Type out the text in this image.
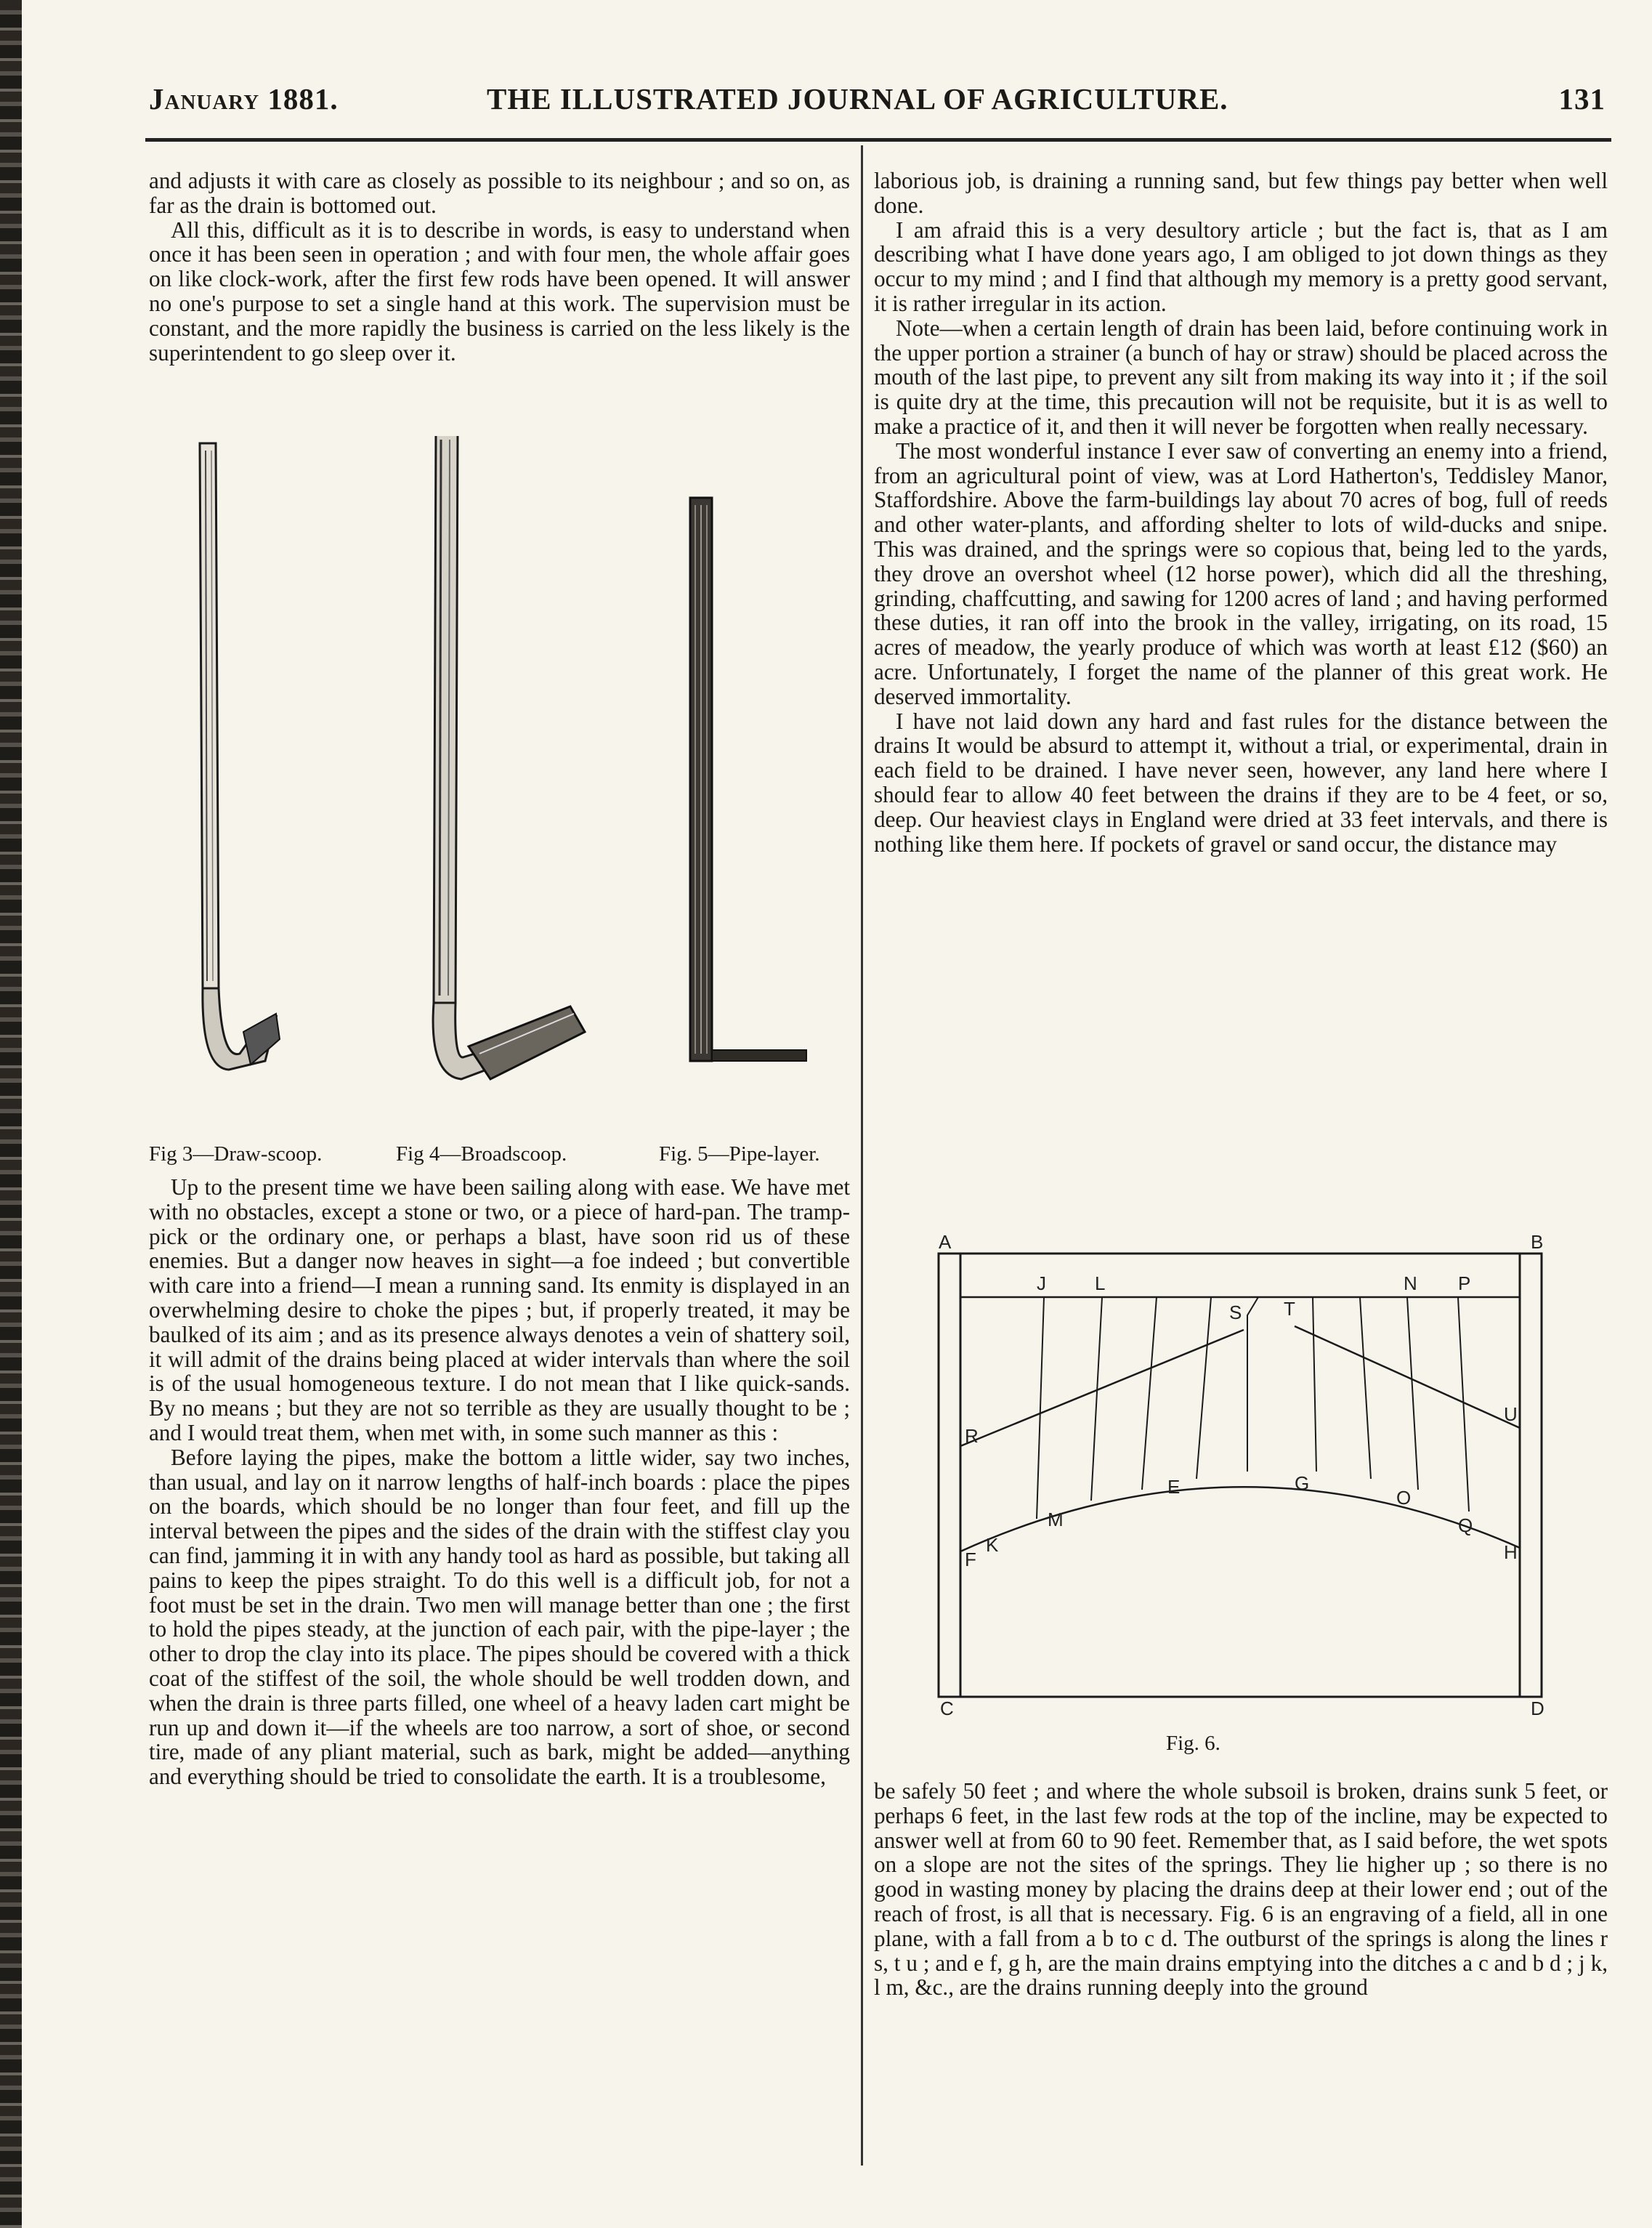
January 1881.	THE ILLUSTRATED JOURNAL OF AGRICULTURE.	131

and adjusts it with care as closely as possible to its neighbour ; and so on, as far as the drain is bottomed out.

All this, difficult as it is to describe in words, is easy to understand when once it has been seen in operation ; and with four men, the whole affair goes on like clock-work, after the first few rods have been opened. It will answer no one's purpose to set a single hand at this work. The supervision must be constant, and the more rapidly the business is carried on the less likely is the superintendent to go sleep over it.

Fig 3—Draw-scoop.	Fig 4—Broadscoop.	Fig. 5—Pipe-layer.

Up to the present time we have been sailing along with ease. We have met with no obstacles, except a stone or two, or a piece of hard-pan. The tramp-pick or the ordinary one, or perhaps a blast, have soon rid us of these enemies. But a danger now heaves in sight—a foe indeed ; but convertible with care into a friend—I mean a running sand. Its enmity is displayed in an overwhelming desire to choke the pipes ; but, if properly treated, it may be baulked of its aim ; and as its presence always denotes a vein of shattery soil, it will admit of the drains being placed at wider intervals than where the soil is of the usual homogeneous texture. I do not mean that I like quick-sands. By no means ; but they are not so terrible as they are usually thought to be ; and I would treat them, when met with, in some such manner as this :

Before laying the pipes, make the bottom a little wider, say two inches, than usual, and lay on it narrow lengths of half-inch boards : place the pipes on the boards, which should be no longer than four feet, and fill up the interval between the pipes and the sides of the drain with the stiffest clay you can find, jamming it in with any handy tool as hard as possible, but taking all pains to keep the pipes straight. To do this well is a difficult job, for not a foot must be set in the drain. Two men will manage better than one ; the first to hold the pipes steady, at the junction of each pair, with the pipe-layer ; the other to drop the clay into its place. The pipes should be covered with a thick coat of the stiffest of the soil, the whole should be well trodden down, and when the drain is three parts filled, one wheel of a heavy laden cart might be run up and down it—if the wheels are too narrow, a sort of shoe, or second tire, made of any pliant material, such as bark, might be added—anything and everything should be tried to consolidate the earth. It is a troublesome,

laborious job, is draining a running sand, but few things pay better when well done.

I am afraid this is a very desultory article ; but the fact is, that as I am describing what I have done years ago, I am obliged to jot down things as they occur to my mind ; and I find that although my memory is a pretty good servant, it is rather irregular in its action.

Note—when a certain length of drain has been laid, before continuing work in the upper portion a strainer (a bunch of hay or straw) should be placed across the mouth of the last pipe, to prevent any silt from making its way into it ; if the soil is quite dry at the time, this precaution will not be requisite, but it is as well to make a practice of it, and then it will never be forgotten when really necessary.

The most wonderful instance I ever saw of converting an enemy into a friend, from an agricultural point of view, was at Lord Hatherton's, Teddisley Manor, Staffordshire. Above the farm-buildings lay about 70 acres of bog, full of reeds and other water-plants, and affording shelter to lots of wild-ducks and snipe. This was drained, and the springs were so copious that, being led to the yards, they drove an overshot wheel (12 horse power), which did all the threshing, grinding, chaffcutting, and sawing for 1200 acres of land ; and having performed these duties, it ran off into the brook in the valley, irrigating, on its road, 15 acres of meadow, the yearly produce of which was worth at least £12 ($60) an acre. Unfortunately, I forget the name of the planner of this great work. He deserved immortality.

I have not laid down any hard and fast rules for the distance between the drains It would be absurd to attempt it, without a trial, or experimental, drain in each field to be drained. I have never seen, however, any land here where I should fear to allow 40 feet between the drains if they are to be 4 feet, or so, deep. Our heaviest clays in England were dried at 33 feet intervals, and there is nothing like them here. If pockets of gravel or sand occur, the distance may

A	B
C	D
J	L	N P
S T
R
U
F
K
M
E	G
O
Q
H
Fig. 6.

be safely 50 feet ; and where the whole subsoil is broken, drains sunk 5 feet, or perhaps 6 feet, in the last few rods at the top of the incline, may be expected to answer well at from 60 to 90 feet. Remember that, as I said before, the wet spots on a slope are not the sites of the springs. They lie higher up ; so there is no good in wasting money by placing the drains deep at their lower end ; out of the reach of frost, is all that is necessary. Fig. 6 is an engraving of a field, all in one plane, with a fall from a b to c d. The outburst of the springs is along the lines r s, t u ; and e f, g h, are the main drains emptying into the ditches a c and b d ; j k, l m, &c., are the drains running deeply into the ground
